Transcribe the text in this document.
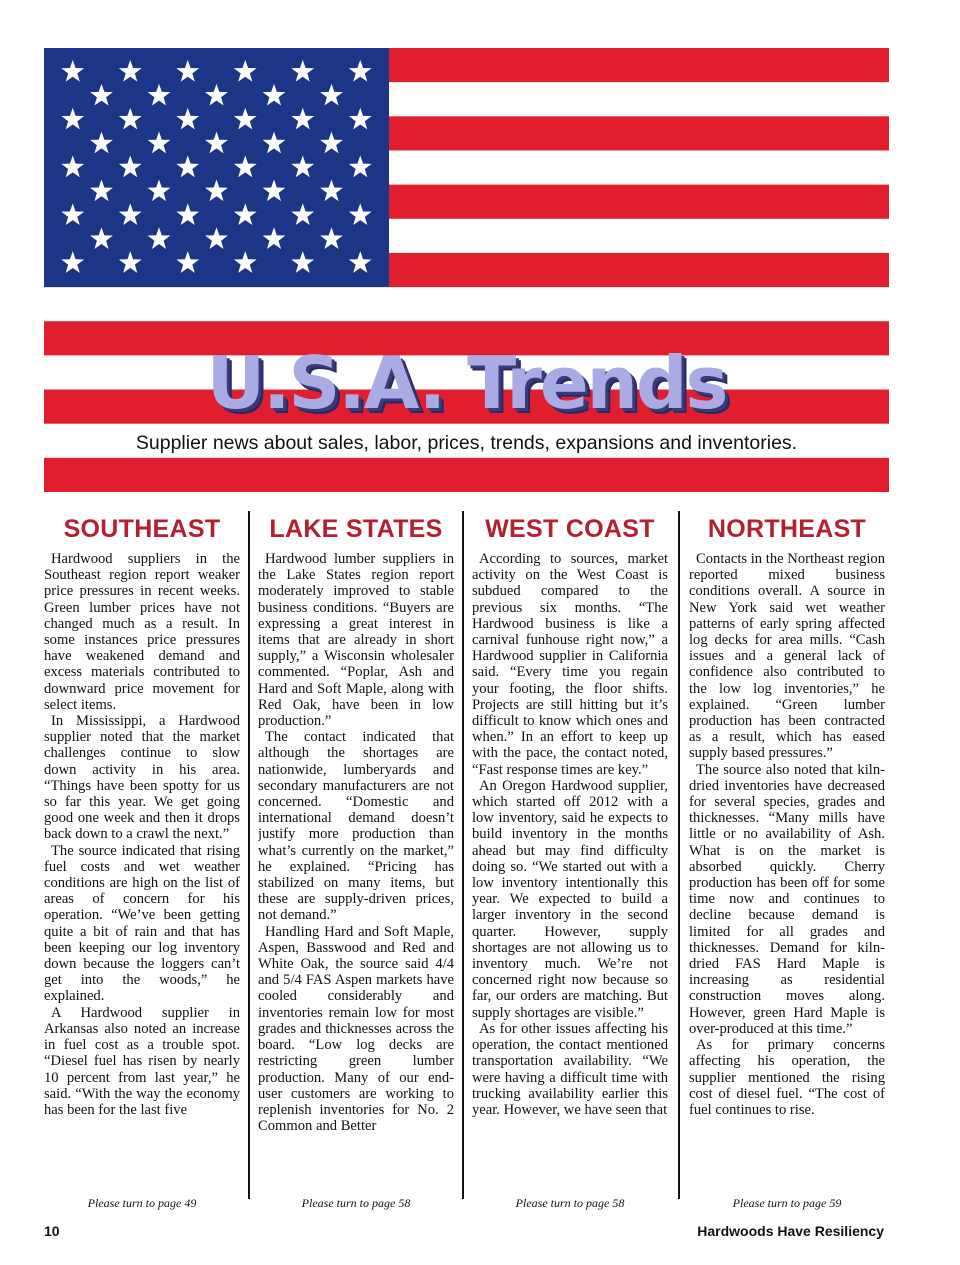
U.S.A. Trends
Supplier news about sales, labor, prices, trends, expansions and inventories.
SOUTHEAST

Hardwood suppliers in the Southeast region report weaker price pressures in recent weeks. Green lumber prices have not changed much as a result. In some instances price pressures have weakened demand and excess materials contributed to downward price movement for select items.

In Mississippi, a Hardwood supplier noted that the market challenges continue to slow down activity in his area. “Things have been spotty for us so far this year. We get going good one week and then it drops back down to a crawl the next.”

The source indicated that rising fuel costs and wet weather conditions are high on the list of areas of concern for his operation. “We’ve been getting quite a bit of rain and that has been keeping our log inventory down because the loggers can’t get into the woods,” he explained.

A Hardwood supplier in Arkansas also noted an increase in fuel cost as a trouble spot. “Diesel fuel has risen by nearly 10 percent from last year,” he said. “With the way the economy has been for the last five

LAKE STATES

Hardwood lumber suppliers in the Lake States region report moderately improved to stable business conditions. “Buyers are expressing a great interest in items that are already in short supply,” a Wisconsin wholesaler commented. “Poplar, Ash and Hard and Soft Maple, along with Red Oak, have been in low production.”

The contact indicated that although the shortages are nationwide, lumberyards and secondary manufacturers are not concerned. “Domestic and international demand doesn’t justify more production than what’s currently on the market,” he explained. “Pricing has stabilized on many items, but these are supply-driven prices, not demand.”

Handling Hard and Soft Maple, Aspen, Basswood and Red and White Oak, the source said 4/4 and 5/4 FAS Aspen markets have cooled considerably and inventories remain low for most grades and thicknesses across the board. “Low log decks are restricting green lumber production. Many of our end-user customers are working to replenish inventories for No. 2 Common and Better

WEST COAST

According to sources, market activity on the West Coast is subdued compared to the previous six months. “The Hardwood business is like a carnival funhouse right now,” a Hardwood supplier in California said. “Every time you regain your footing, the floor shifts. Projects are still hitting but it’s difficult to know which ones and when.” In an effort to keep up with the pace, the contact noted, “Fast response times are key.”

An Oregon Hardwood supplier, which started off 2012 with a low inventory, said he expects to build inventory in the months ahead but may find difficulty doing so. “We started out with a low inventory intentionally this year. We expected to build a larger inventory in the second quarter. However, supply shortages are not allowing us to inventory much. We’re not concerned right now because so far, our orders are matching. But supply shortages are visible.”

As for other issues affecting his operation, the contact mentioned transportation availability. “We were having a difficult time with trucking availability earlier this year. However, we have seen that

NORTHEAST

Contacts in the Northeast region reported mixed business conditions overall. A source in New York said wet weather patterns of early spring affected log decks for area mills. “Cash issues and a general lack of confidence also contributed to the low log inventories,” he explained. “Green lumber production has been contracted as a result, which has eased supply based pressures.”

The source also noted that kiln-dried inventories have decreased for several species, grades and thicknesses. “Many mills have little or no availability of Ash. What is on the market is absorbed quickly. Cherry production has been off for some time now and continues to decline because demand is limited for all grades and thicknesses. Demand for kiln-dried FAS Hard Maple is increasing as residential construction moves along. However, green Hard Maple is over-produced at this time.”

As for primary concerns affecting his operation, the supplier mentioned the rising cost of diesel fuel. “The cost of fuel continues to rise.

Please turn to page 49	Please turn to page 58	Please turn to page 58	Please turn to page 59
10	Hardwoods Have Resiliency
